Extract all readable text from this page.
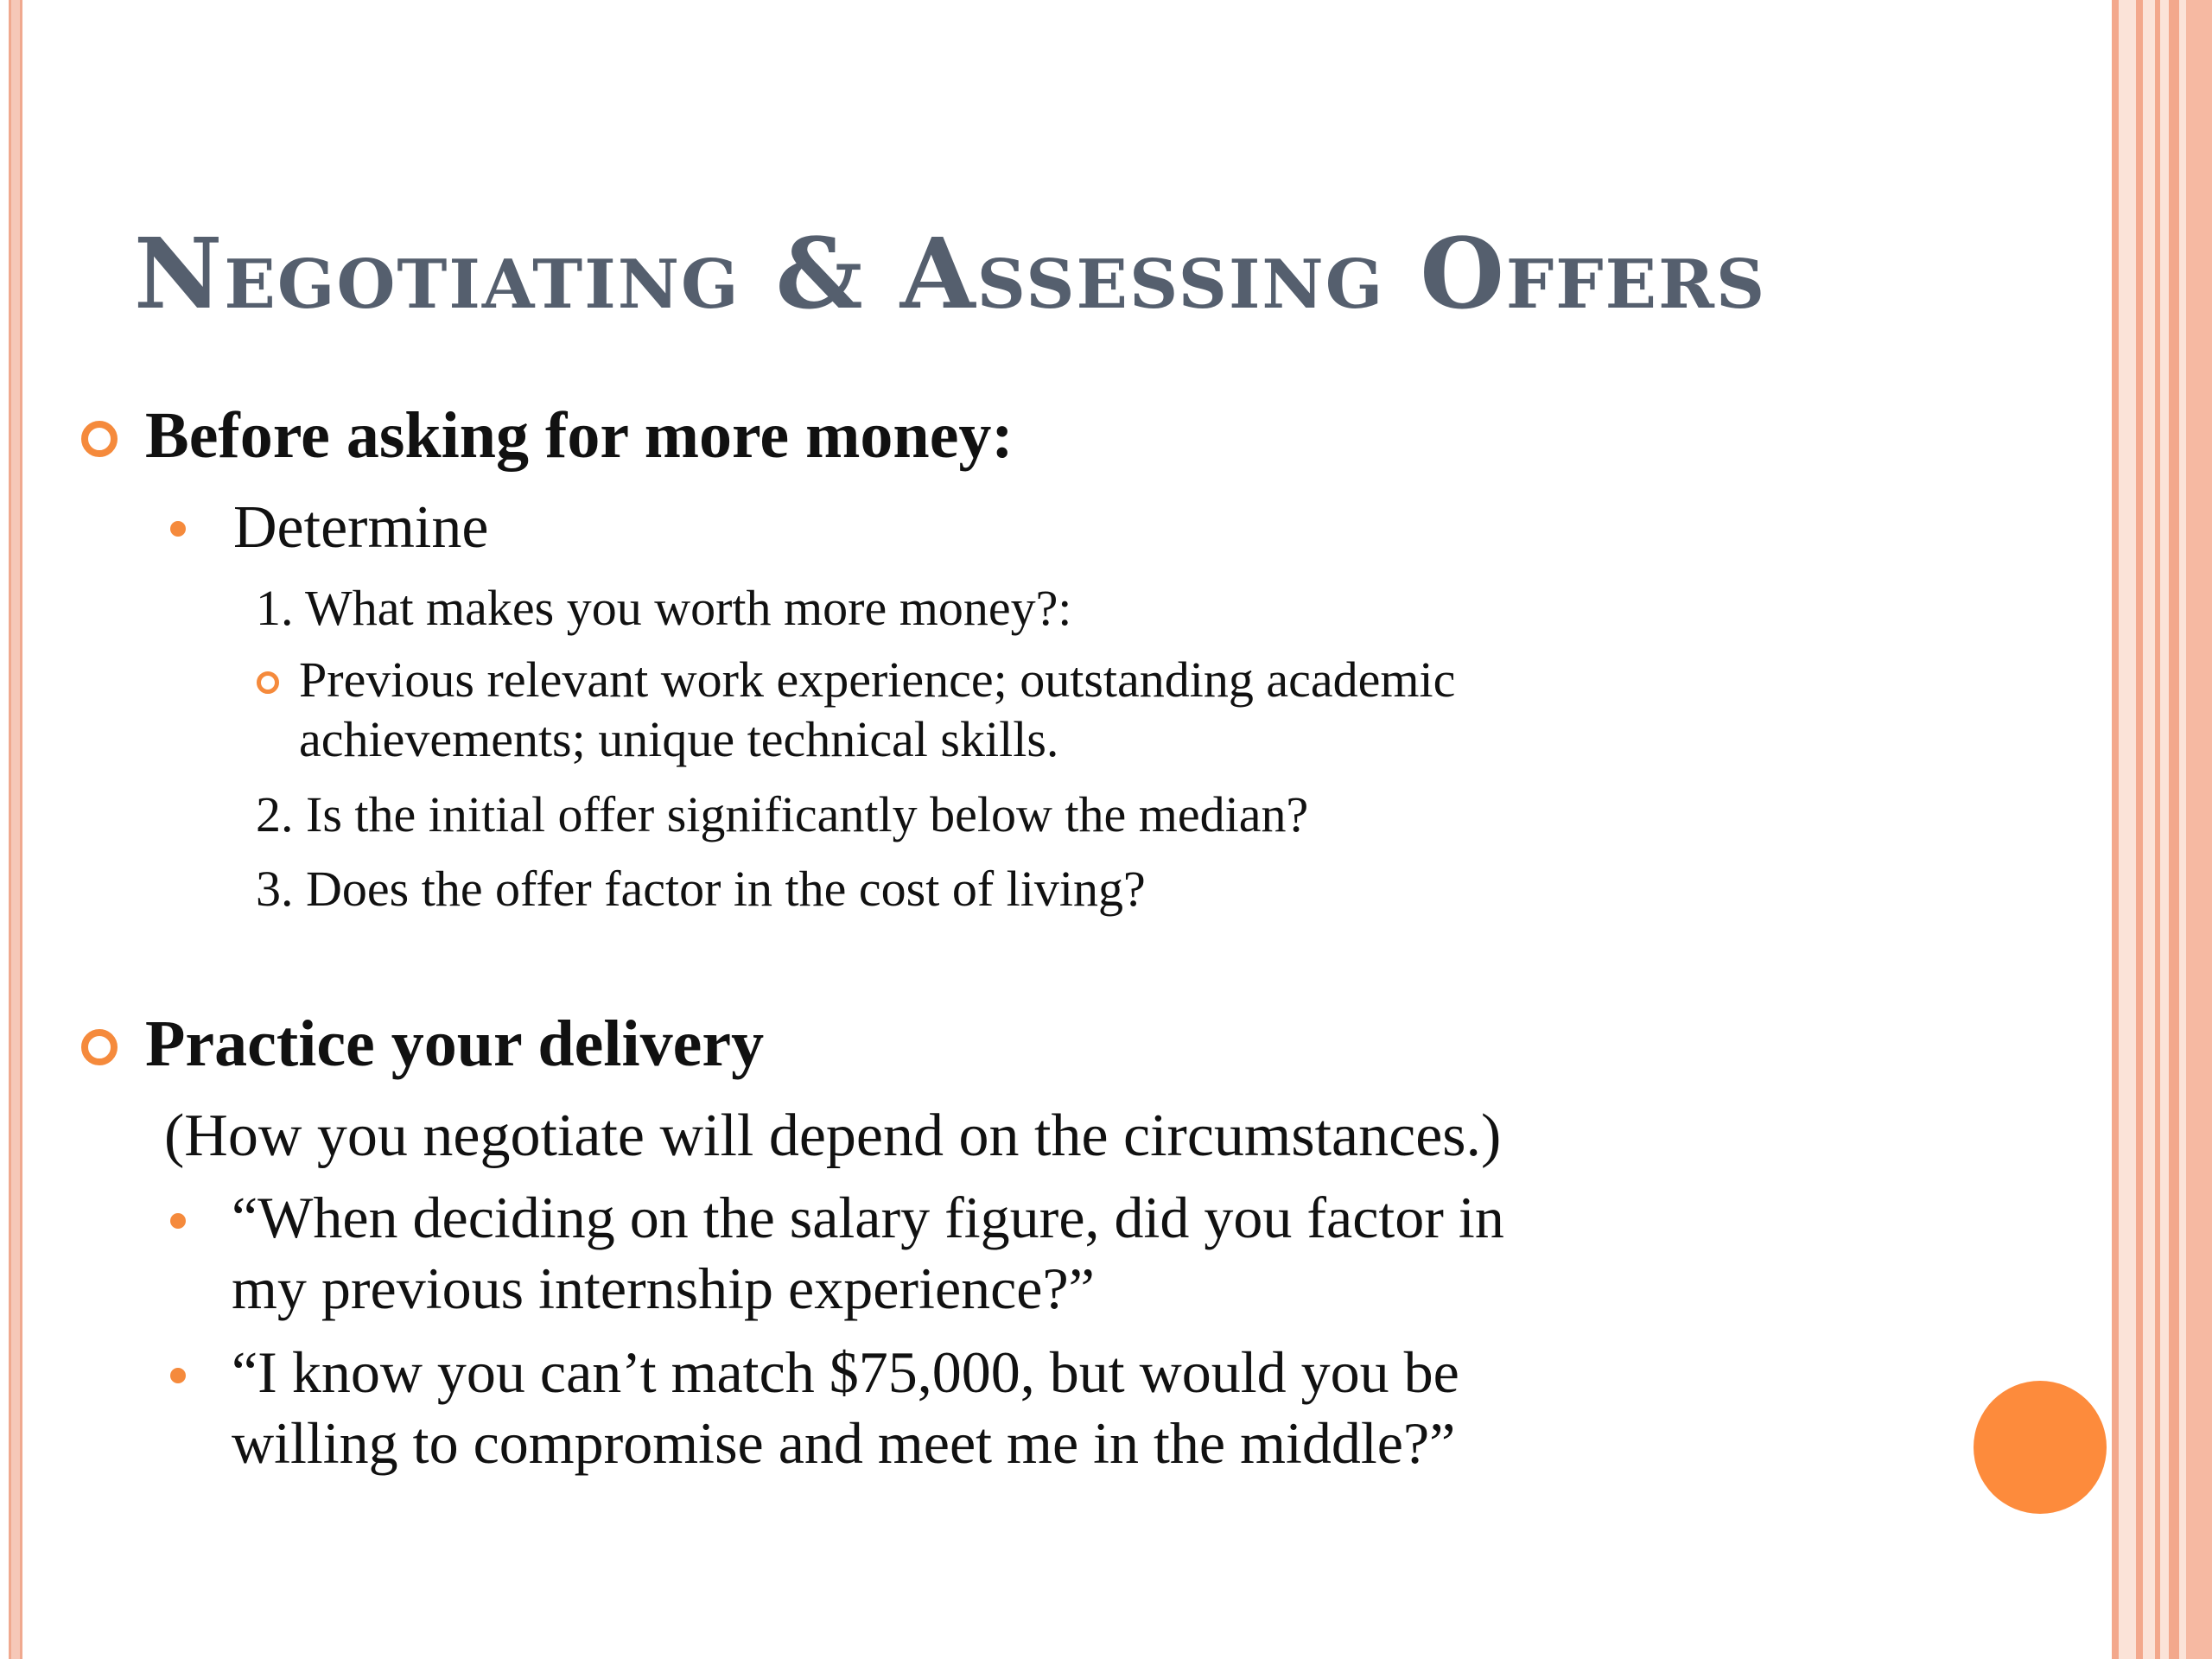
Negotiating & Assessing Offers
Before asking for more money:
Determine
1. What makes you worth more money?:
Previous relevant work experience; outstanding academic
achievements; unique technical skills.
2. Is the initial offer significantly below the median?
3. Does the offer factor in the cost of living?
Practice your delivery
(How you negotiate will depend on the circumstances.)
“When deciding on the salary figure, did you factor in
my previous internship experience?”
“I know you can’t match $75,000, but would you be
willing to compromise and meet me in the middle?”
